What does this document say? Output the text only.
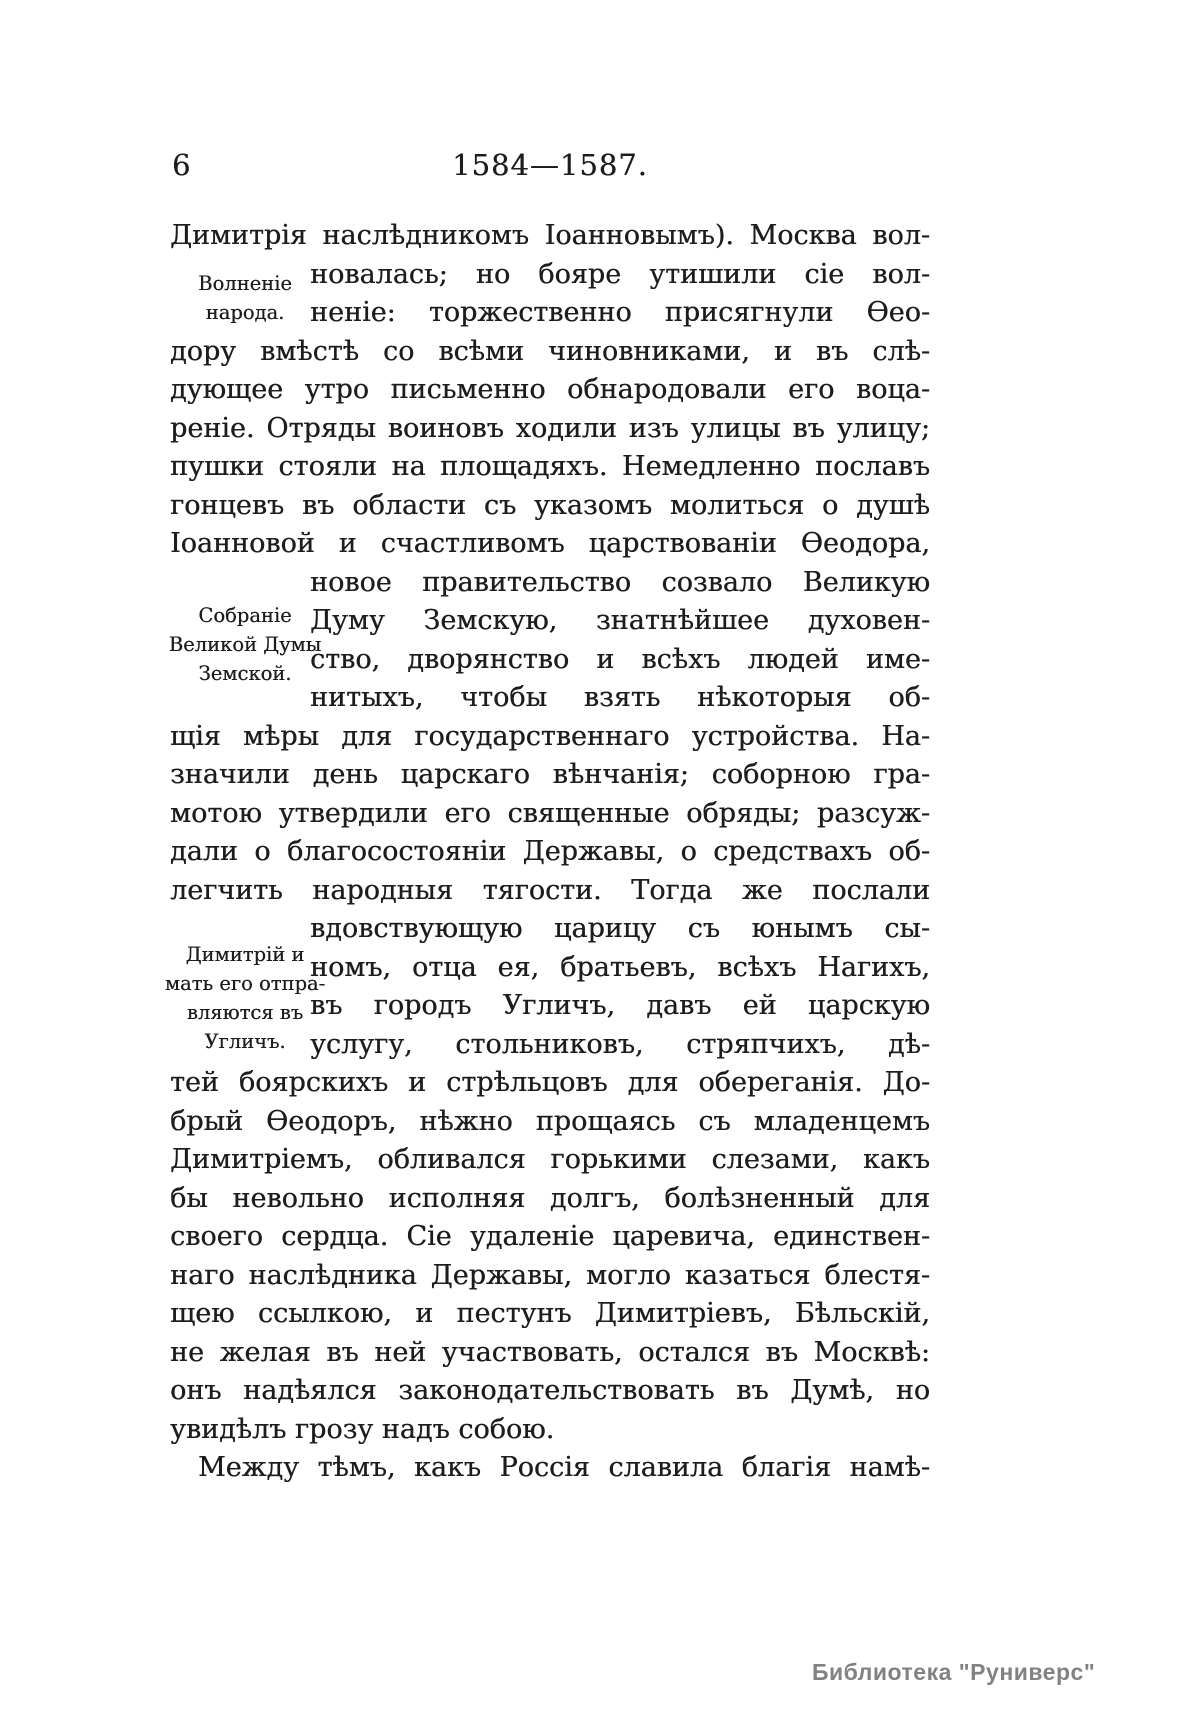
6	1584—1587.
Волненіе
народа.
Собраніе
Великой Думы
Земской.
Димитрій и
мать его отпра-
вляются въ
Угличъ.
Димитрія наслѣдникомъ Іоанновымъ). Москва вол-
новалась; но бояре утишили сіе вол-
неніе: торжественно присягнули Ѳео-
дору вмѣстѣ со всѣми чиновниками, и въ слѣ-
дующее утро письменно обнародовали его воца-
реніе. Отряды воиновъ ходили изъ улицы въ улицу;
пушки стояли на площадяхъ. Немедленно пославъ
гонцевъ въ области съ указомъ молиться о душѣ
Іоанновой и счастливомъ царствованіи Ѳеодора,
новое правительство созвало Великую
Думу Земскую, знатнѣйшее духовен-
ство, дворянство и всѣхъ людей име-
нитыхъ, чтобы взять нѣкоторыя об-
щія мѣры для государственнаго устройства. На-
значили день царскаго вѣнчанія; соборною гра-
мотою утвердили его священные обряды; разсуж-
дали о благосостояніи Державы, о средствахъ об-
легчить народныя тягости. Тогда же послали
вдовствующую царицу съ юнымъ сы-
номъ, отца ея, братьевъ, всѣхъ Нагихъ,
въ городъ Угличъ, давъ ей царскую
услугу, стольниковъ, стряпчихъ, дѣ-
тей боярскихъ и стрѣльцовъ для обереганія. До-
брый Ѳеодоръ, нѣжно прощаясь съ младенцемъ
Димитріемъ, обливался горькими слезами, какъ
бы невольно исполняя долгъ, болѣзненный для
своего сердца. Сіе удаленіе царевича, единствен-
наго наслѣдника Державы, могло казаться блестя-
щею ссылкою, и пестунъ Димитріевъ, Бѣльскій,
не желая въ ней участвовать, остался въ Москвѣ:
онъ надѣялся законодательствовать въ Думѣ, но
увидѣлъ грозу надъ собою.
Между тѣмъ, какъ Россія славила благія намѣ-
Библиотека "Руниверс"
